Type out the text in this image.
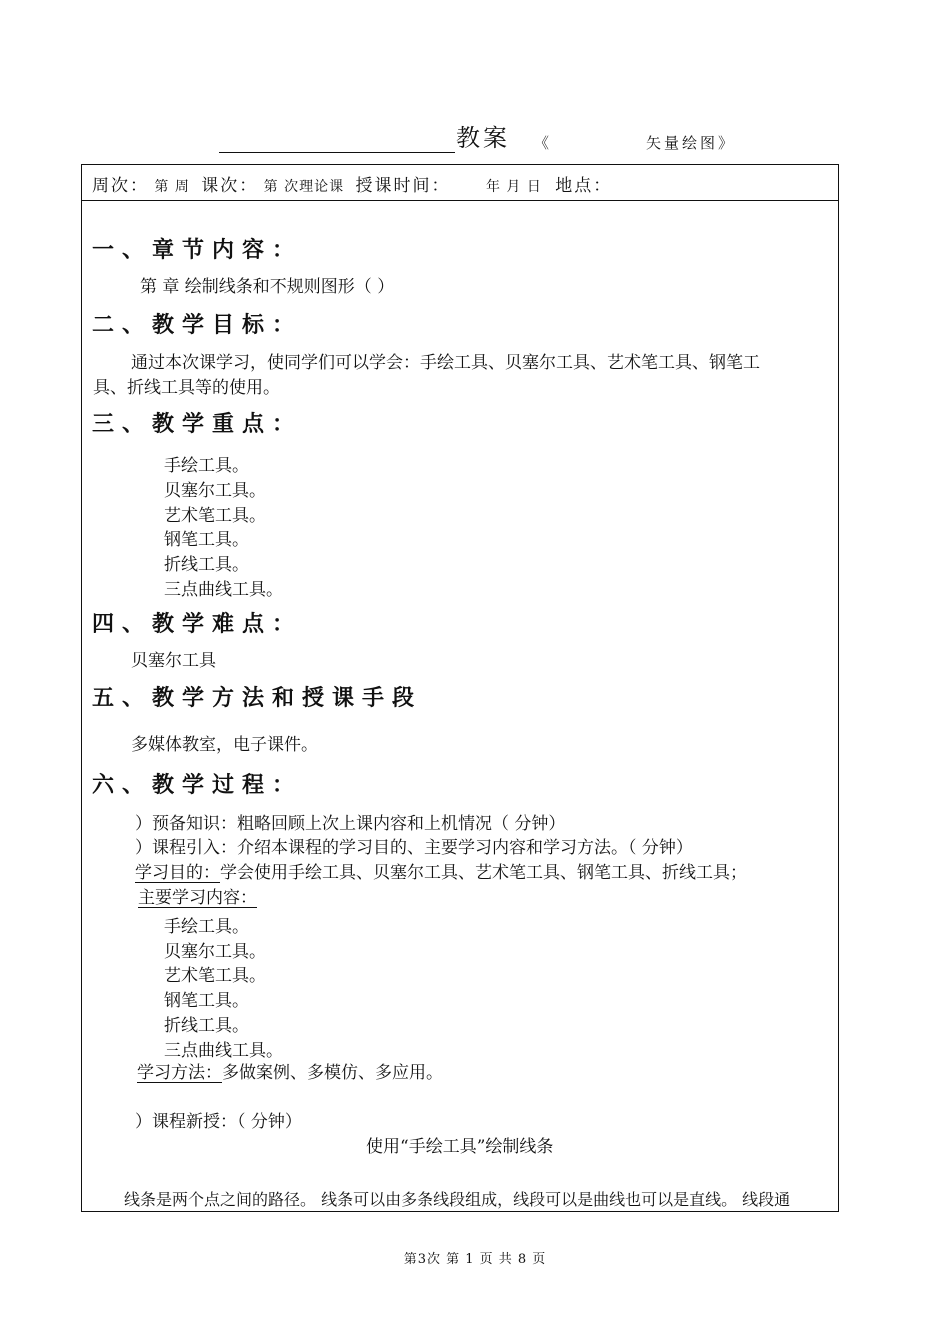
教案 《	矢量绘图》
周次： 第 周 课次： 第 次理论课 授课时间：	年 月 日 地点：
一、章节内容：
第 章 绘制线条和不规则图形（ ）
二、教学目标：
通过本次课学习，使同学们可以学会：手绘工具、贝塞尔工具、艺术笔工具、钢笔工
具、折线工具等的使用。
三、教学重点：
手绘工具。
贝塞尔工具。
艺术笔工具。
钢笔工具。
折线工具。
三点曲线工具。
四、教学难点：
贝塞尔工具
五、教学方法和授课手段
多媒体教室，电子课件。
六、教学过程：
）预备知识：粗略回顾上次上课内容和上机情况（ 分钟）
）课程引入：介绍本课程的学习目的、主要学习内容和学习方法。（ 分钟）
学习目的：学会使用手绘工具、贝塞尔工具、艺术笔工具、钢笔工具、折线工具；
主要学习内容：
手绘工具。
贝塞尔工具。
艺术笔工具。
钢笔工具。
折线工具。
三点曲线工具。
学习方法：多做案例、多模仿、多应用。
）课程新授：（ 分钟）
使用“手绘工具”绘制线条
线条是两个点之间的路径。 线条可以由多条线段组成，线段可以是曲线也可以是直线。 线段通
第3次 第 1 页 共 8 页
